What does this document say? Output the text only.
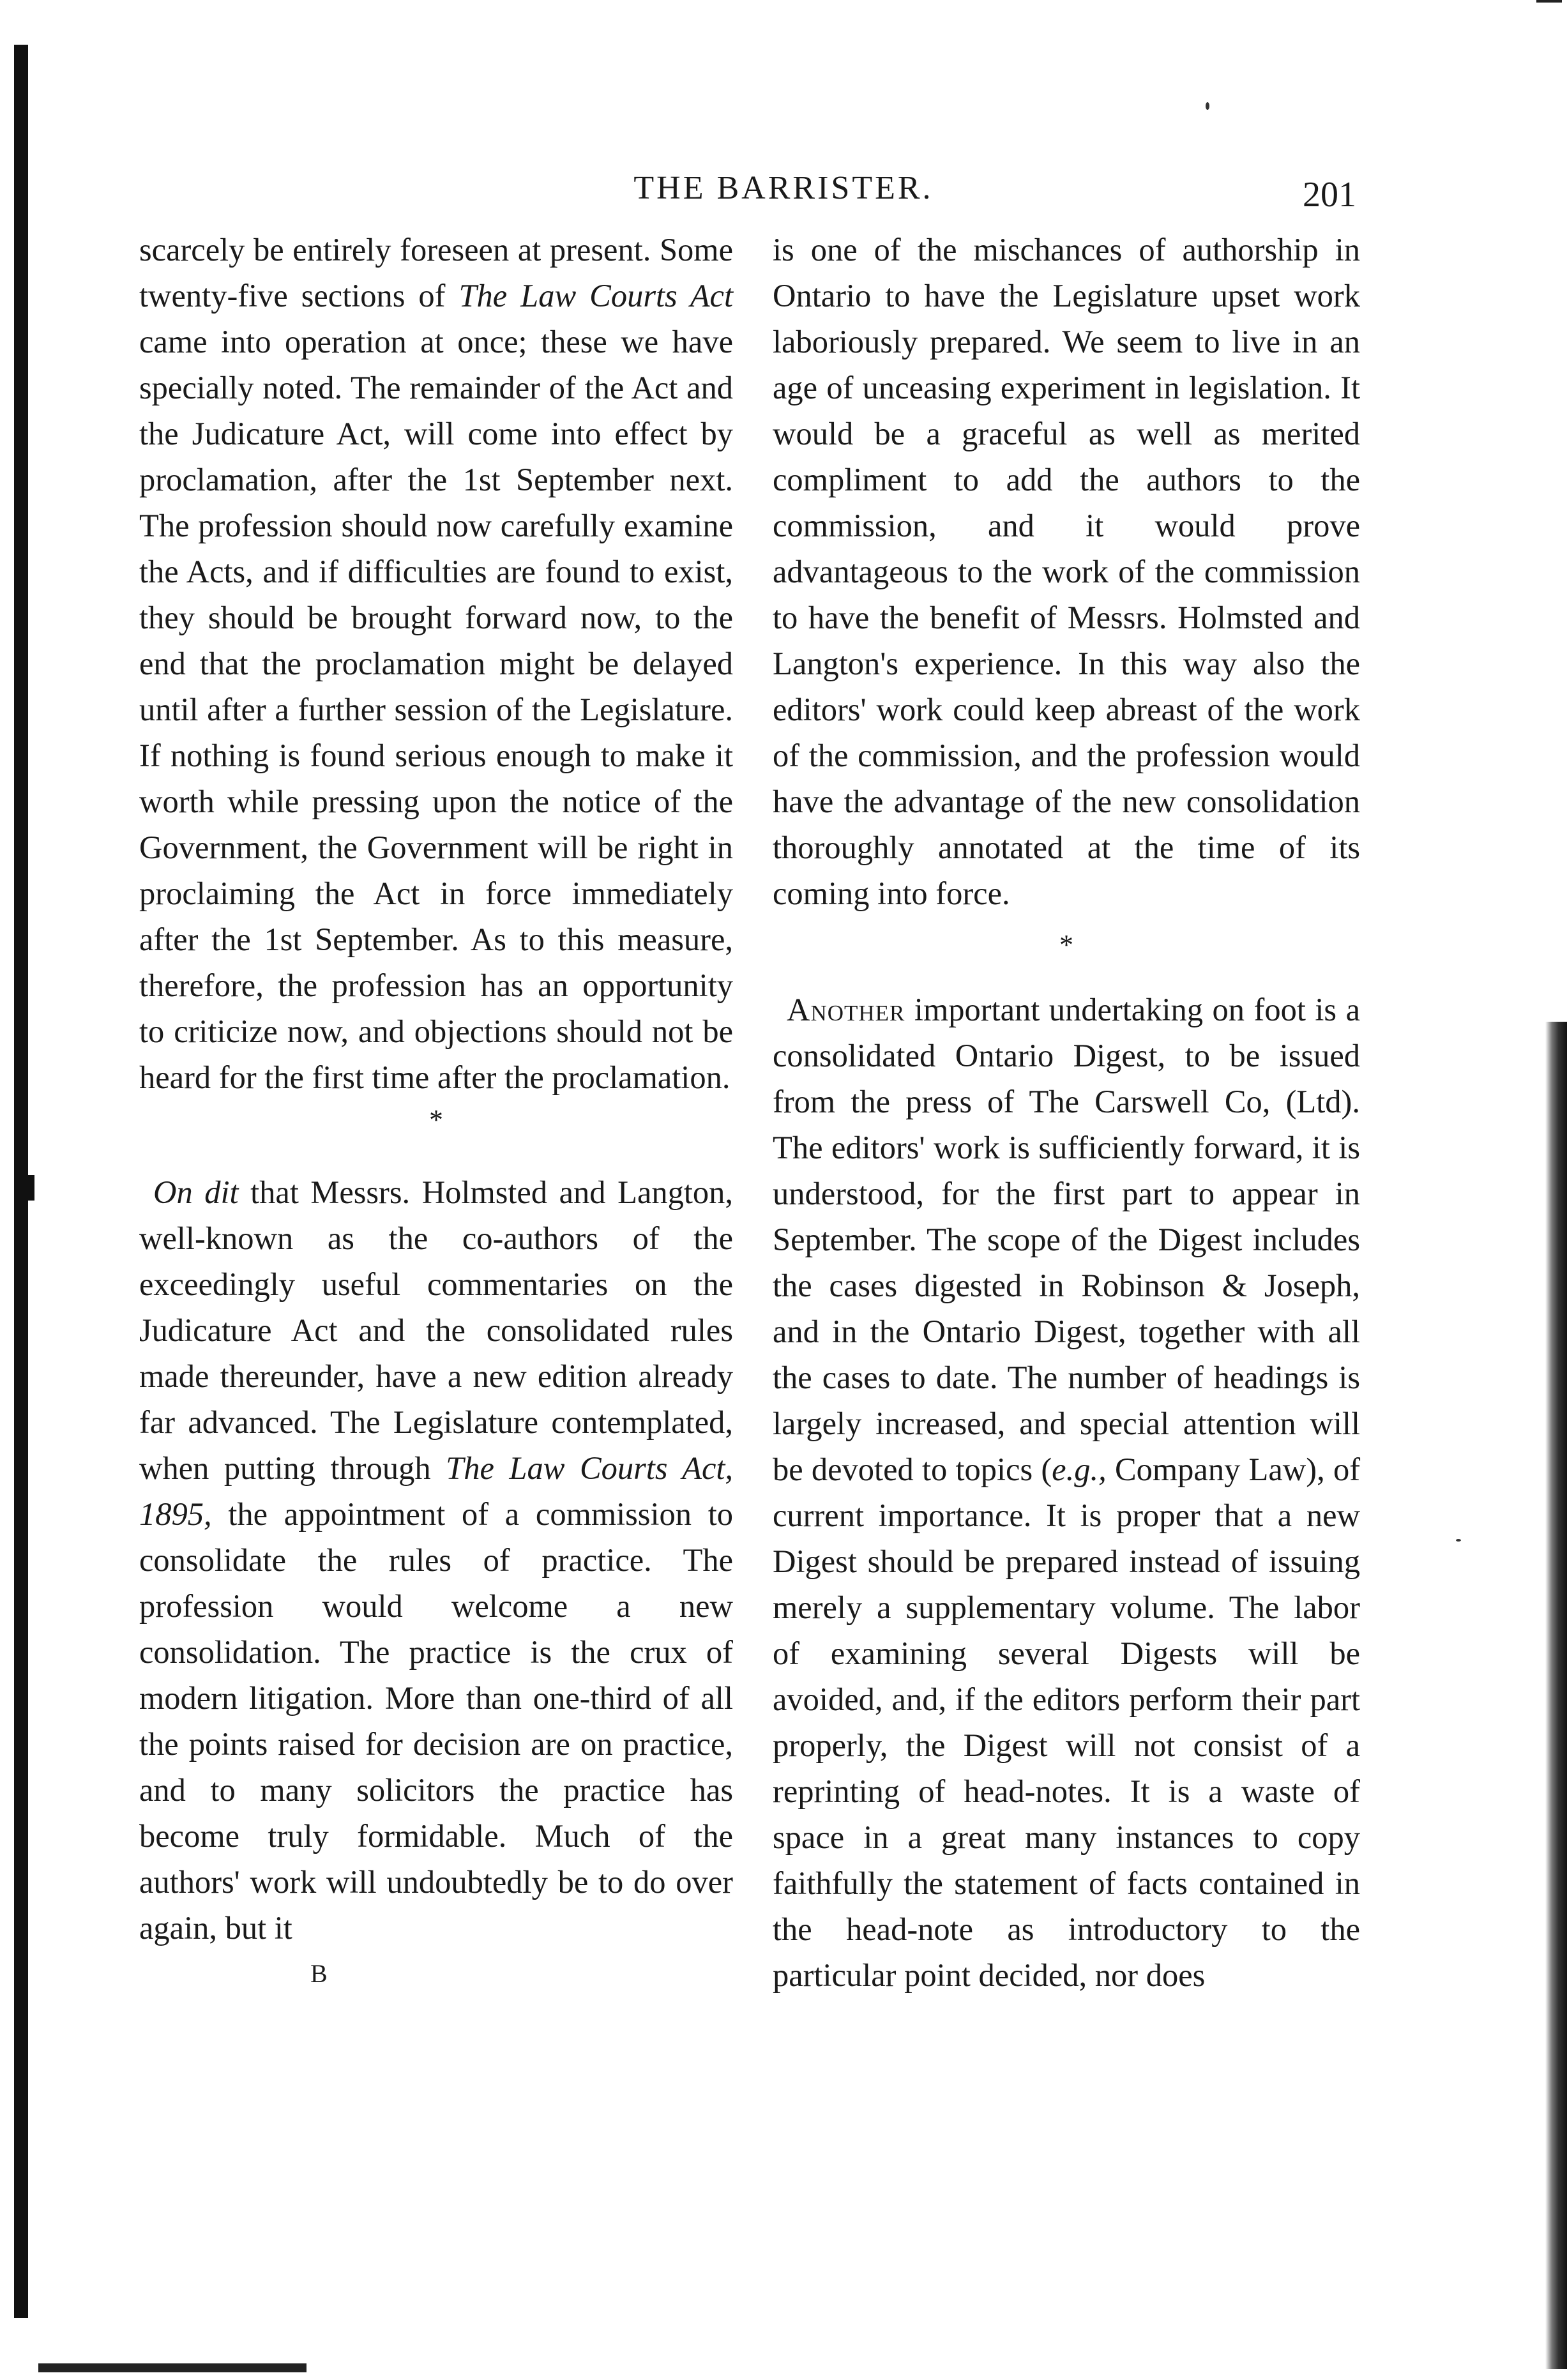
THE BARRISTER.	201

scarcely be entirely foreseen at present. Some twenty-five sections of The Law Courts Act came into operation at once; these we have specially noted. The remainder of the Act and the Judicature Act, will come into effect by proclamation, after the 1st September next. The profession should now carefully examine the Acts, and if difficulties are found to exist, they should be brought forward now, to the end that the proclamation might be delayed until after a further session of the Legislature. If nothing is found serious enough to make it worth while pressing upon the notice of the Government, the Government will be right in proclaiming the Act in force immediately after the 1st September. As to this measure, therefore, the profession has an opportunity to criticize now, and objections should not be heard for the first time after the proclamation.

*

On dit that Messrs. Holmsted and Langton, well-known as the co-authors of the exceedingly useful commentaries on the Judicature Act and the consolidated rules made thereunder, have a new edition already far advanced. The Legislature contemplated, when putting through The Law Courts Act, 1895, the appointment of a commission to consolidate the rules of practice. The profession would welcome a new consolidation. The practice is the crux of modern litigation. More than one-third of all the points raised for decision are on practice, and to many solicitors the practice has become truly formidable. Much of the authors' work will undoubtedly be to do over again, but it

B

is one of the mischances of authorship in Ontario to have the Legislature upset work laboriously prepared. We seem to live in an age of unceasing experiment in legislation. It would be a graceful as well as merited compliment to add the authors to the commission, and it would prove advantageous to the work of the commission to have the benefit of Messrs. Holmsted and Langton's experience. In this way also the editors' work could keep abreast of the work of the commission, and the profession would have the advantage of the new consolidation thoroughly annotated at the time of its coming into force.

*

Another important undertaking on foot is a consolidated Ontario Digest, to be issued from the press of The Carswell Co, (Ltd). The editors' work is sufficiently forward, it is understood, for the first part to appear in September. The scope of the Digest includes the cases digested in Robinson & Joseph, and in the Ontario Digest, together with all the cases to date. The number of headings is largely increased, and special attention will be devoted to topics (e.g., Company Law), of current importance. It is proper that a new Digest should be prepared instead of issuing merely a supplementary volume. The labor of examining several Digests will be avoided, and, if the editors perform their part properly, the Digest will not consist of a reprinting of head-notes. It is a waste of space in a great many instances to copy faithfully the statement of facts contained in the head-note as introductory to the particular point decided, nor does
